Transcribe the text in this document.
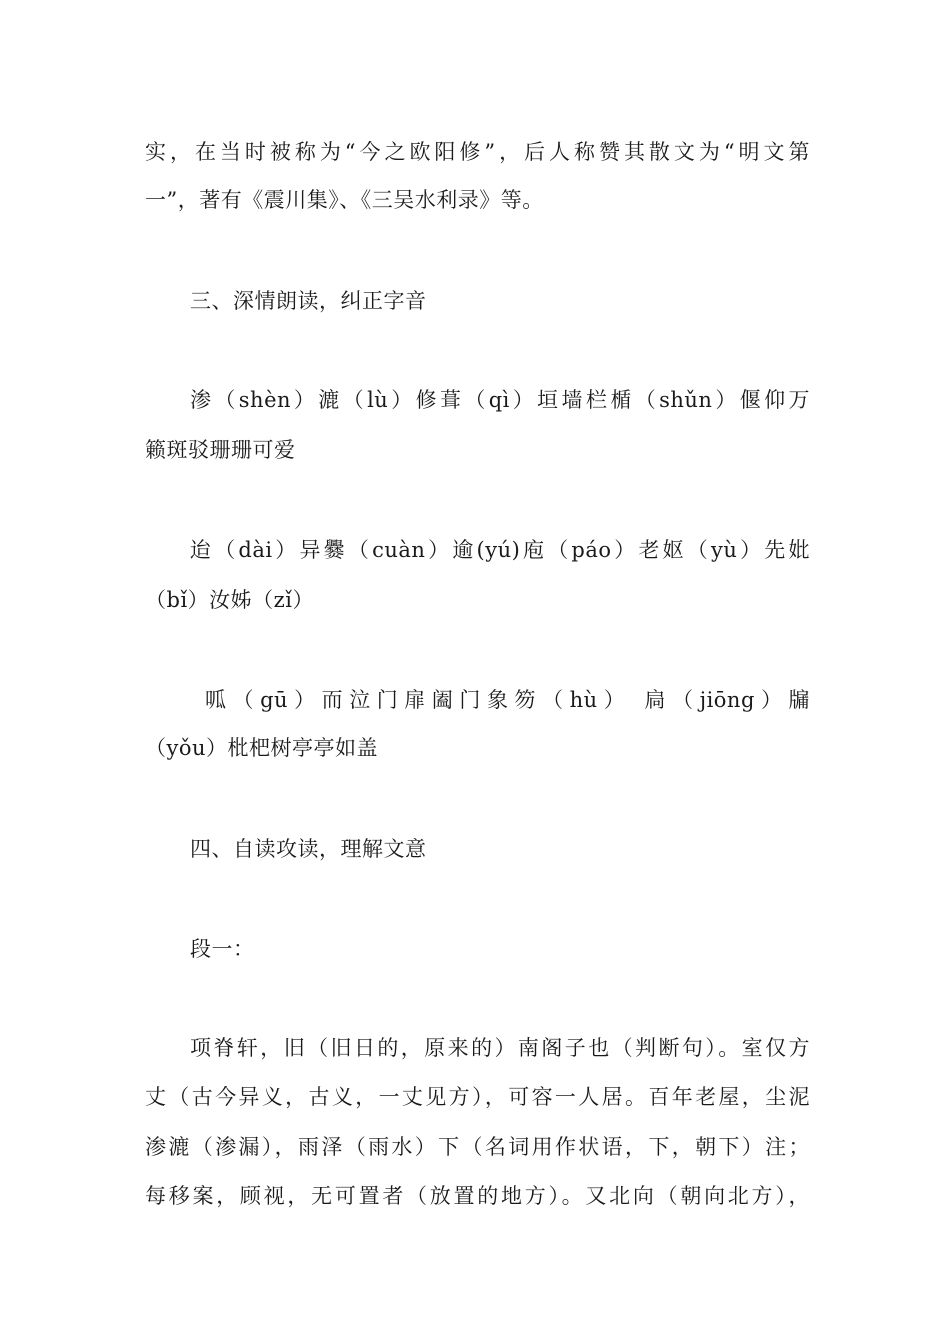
实，在当时被称为“今之欧阳修”，后人称赞其散文为“明文第
一”，著有《震川集》、《三吴水利录》等。
三、深情朗读，纠正字音
渗（shèn）漉（lù）修葺（qì）垣墙栏楯（shǔn）偃仰万
籁斑驳珊珊可爱
迨（dài）异爨（cuàn）逾(yú)庖（páo）老妪（yù）先妣
（bǐ）汝姊（zǐ）
呱（gū）而泣门扉阖门象笏（hù） 扃（jiōng）牖
（yǒu）枇杷树亭亭如盖
四、自读攻读，理解文意
段一：
项脊轩，旧（旧日的，原来的）南阁子也（判断句）。室仅方
丈（古今异义，古义，一丈见方），可容一人居。百年老屋，尘泥
渗漉（渗漏），雨泽（雨水）下（名词用作状语，下，朝下）注；
每移案，顾视，无可置者（放置的地方）。又北向（朝向北方），
